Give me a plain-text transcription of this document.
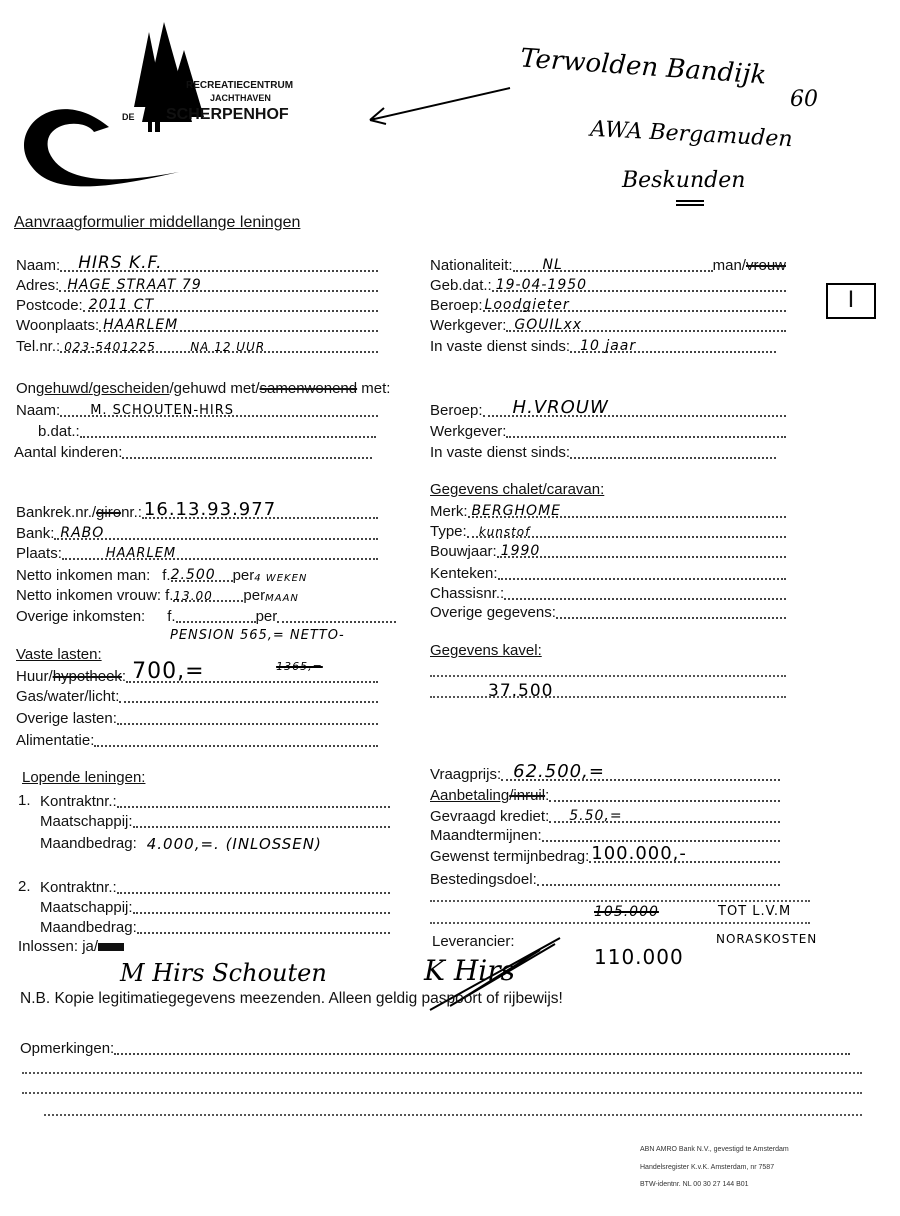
RECREATIECENTRUM
JACHTHAVEN
DE SCHERPENHOF
Terwolden Bandijk
60
AWA Bergamuden
Beskunden
I
Aanvraagformulier middellange leningen
Naam: HIRS K.F.
Adres: HAGE STRAAT 79
Postcode: 2011 CT
Woonplaats: HAARLEM
Tel.nr.: 023-5401225	NA 12 UUR
Nationaliteit: NL	man/ vrouw
Geb.dat.: 19-04-1950
Beroep: Loodgieter
Werkgever: GOUILxx
In vaste dienst sinds: 10 jaar
Ongehuwd/gescheiden/gehuwd met/samenwonend met:
Naam: M. SCHOUTEN-HIRS
b.dat.:
Aantal kinderen:
Beroep: H.VROUW
Werkgever:
In vaste dienst sinds:
Bankrek.nr./gironr.: 16.13.93.977
Bank: RABO
Plaats:	HAARLEM
Netto inkomen man: f. 2.500 per 4 WEKEN
Netto inkomen vrouw: f. 13.00 per MAAN
Overige inkomsten: f.	per
PENSION 565,= NETTO-
Vaste lasten:
Huur/hypotheek: 700,=	1365,=
Gas/water/licht:
Overige lasten:
Alimentatie:
Gegevens chalet/caravan:
Merk: BERGHOME
Type: kunstof
Bouwjaar: 1990
Kenteken:
Chassisnr.:
Overige gegevens:
Gegevens kavel:
37.500
Lopende leningen:
1. Kontraktnr.:
Maatschappij:
Maandbedrag: 4.000,=. (INLOSSEN)
2. Kontraktnr.:
Maatschappij:
Maandbedrag:
Inlossen: ja/
M Hirs Schouten
Vraagprijs: 62.500,=
Aanbetaling/inruil:
Gevraagd krediet: 5.50,=
Maandtermijnen:
Gewenst termijnbedrag: 100.000,-
Bestedingsdoel:
105.000	TOT L.V.M
Leverancier:	NORASKOSTEN
110.000
K Hirs
N.B. Kopie legitimatiegegevens meezenden. Alleen geldig paspoort of rijbewijs!
Opmerkingen:
ABN AMRO Bank N.V., gevestigd te Amsterdam
Handelsregister K.v.K. Amsterdam, nr 7587
BTW-identnr. NL 00 30 27 144 B01
